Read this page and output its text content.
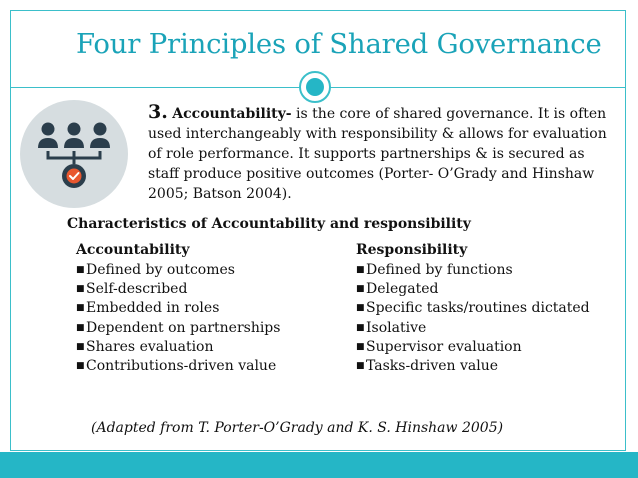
Four Principles of Shared Governance
3. Accountability- is the core of shared governance. It is often used interchangeably with responsibility & allows for evaluation of role performance. It supports partnerships & is secured as staff produce positive outcomes (Porter- O’Grady and Hinshaw 2005; Batson 2004).
Characteristics of Accountability and responsibility
Accountability
■Defined by outcomes
■Self-described
■Embedded in roles
■Dependent on partnerships
■Shares evaluation
■Contributions-driven value
Responsibility
■Defined by functions
■Delegated
■Specific tasks/routines dictated
■Isolative
■Supervisor evaluation
■Tasks-driven value
(Adapted from T. Porter-O’Grady and K. S. Hinshaw 2005)
